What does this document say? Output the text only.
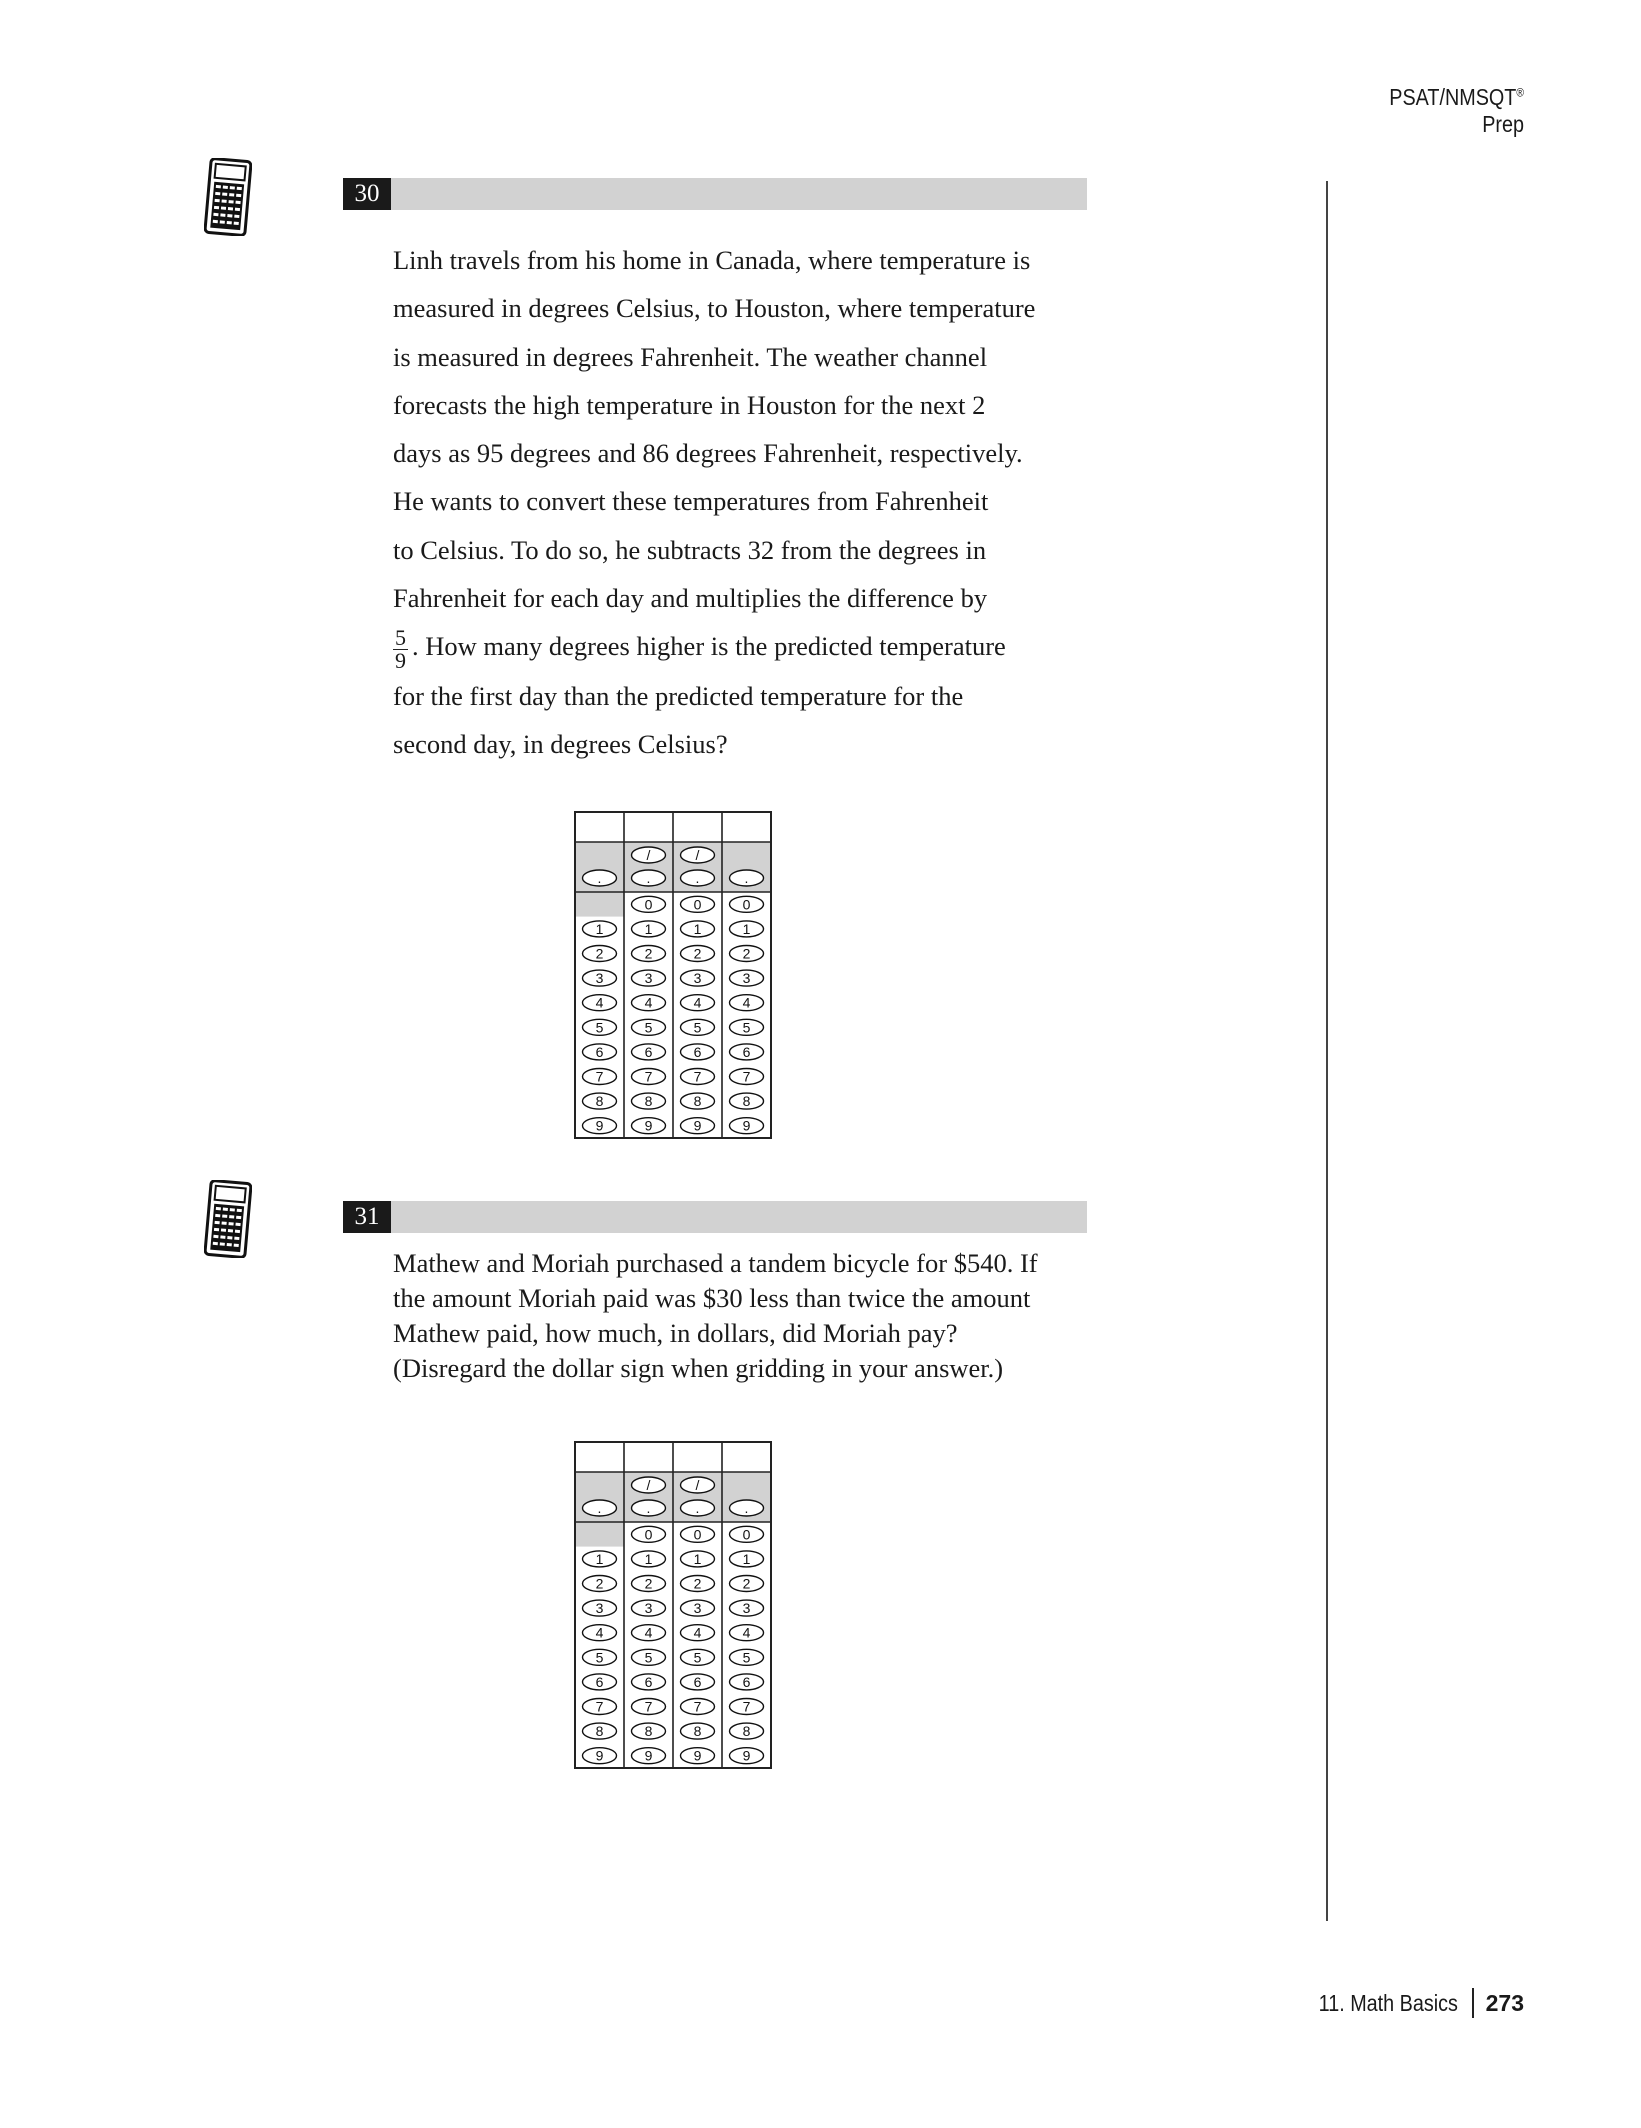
PSAT/NMSQT® Prep
30
Linh travels from his home in Canada, where temperature is
measured in degrees Celsius, to Houston, where temperature
is measured in degrees Fahrenheit. The weather channel
forecasts the high temperature in Houston for the next 2
days as 95 degrees and 86 degrees Fahrenheit, respectively.
He wants to convert these temperatures from Fahrenheit
to Celsius. To do so, he subtracts 32 from the degrees in
Fahrenheit for each day and multiplies the difference by
$\frac{5}{9}$ . How many degrees higher is the predicted temperature
for the first day than the predicted temperature for the
second day, in degrees Celsius?
.
1
2
3
4
5
6
7
8
9
/
.
0
1
2
3
4
5
6
7
8
9
/
.
0
1
2
3
4
5
6
7
8
9
.
0
1
2
3
4
5
6
7
8
9
31
Mathew and Moriah purchased a tandem bicycle for $540. If
the amount Moriah paid was $30 less than twice the amount
Mathew paid, how much, in dollars, did Moriah pay?
(Disregard the dollar sign when gridding in your answer.)
.
1
2
3
4
5
6
7
8
9
/
.
0
1
2
3
4
5
6
7
8
9
/
.
0
1
2
3
4
5
6
7
8
9
.
0
1
2
3
4
5
6
7
8
9
11. Math Basics 273
